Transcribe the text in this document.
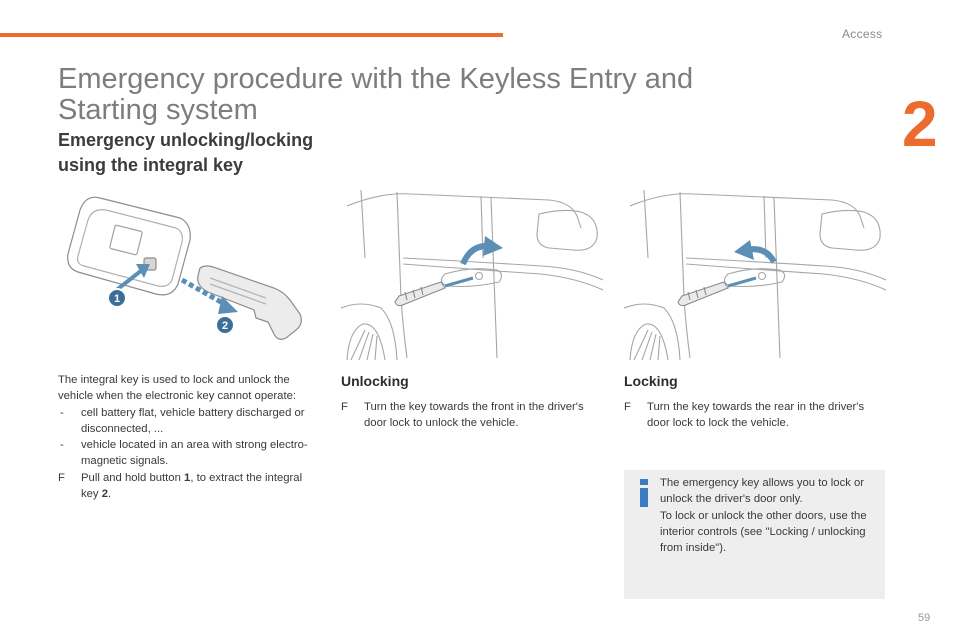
Access
2
Emergency procedure with the Keyless Entry and Starting system
Emergency unlocking/locking using the integral key
1
2

The integral key is used to lock and unlock the vehicle when the electronic key cannot operate:

- cell battery flat, vehicle battery discharged or disconnected, ...
- vehicle located in an area with strong electro-magnetic signals.
F	Pull and hold button 1, to extract the integral key 2.
Unlocking
F	Turn the key towards the front in the driver's door lock to unlock the vehicle.
Locking
F	Turn the key towards the rear in the driver's door lock to lock the vehicle.

The emergency key allows you to lock or unlock the driver's door only.

To lock or unlock the other doors, use the interior controls (see "Locking / unlocking from inside").

59
